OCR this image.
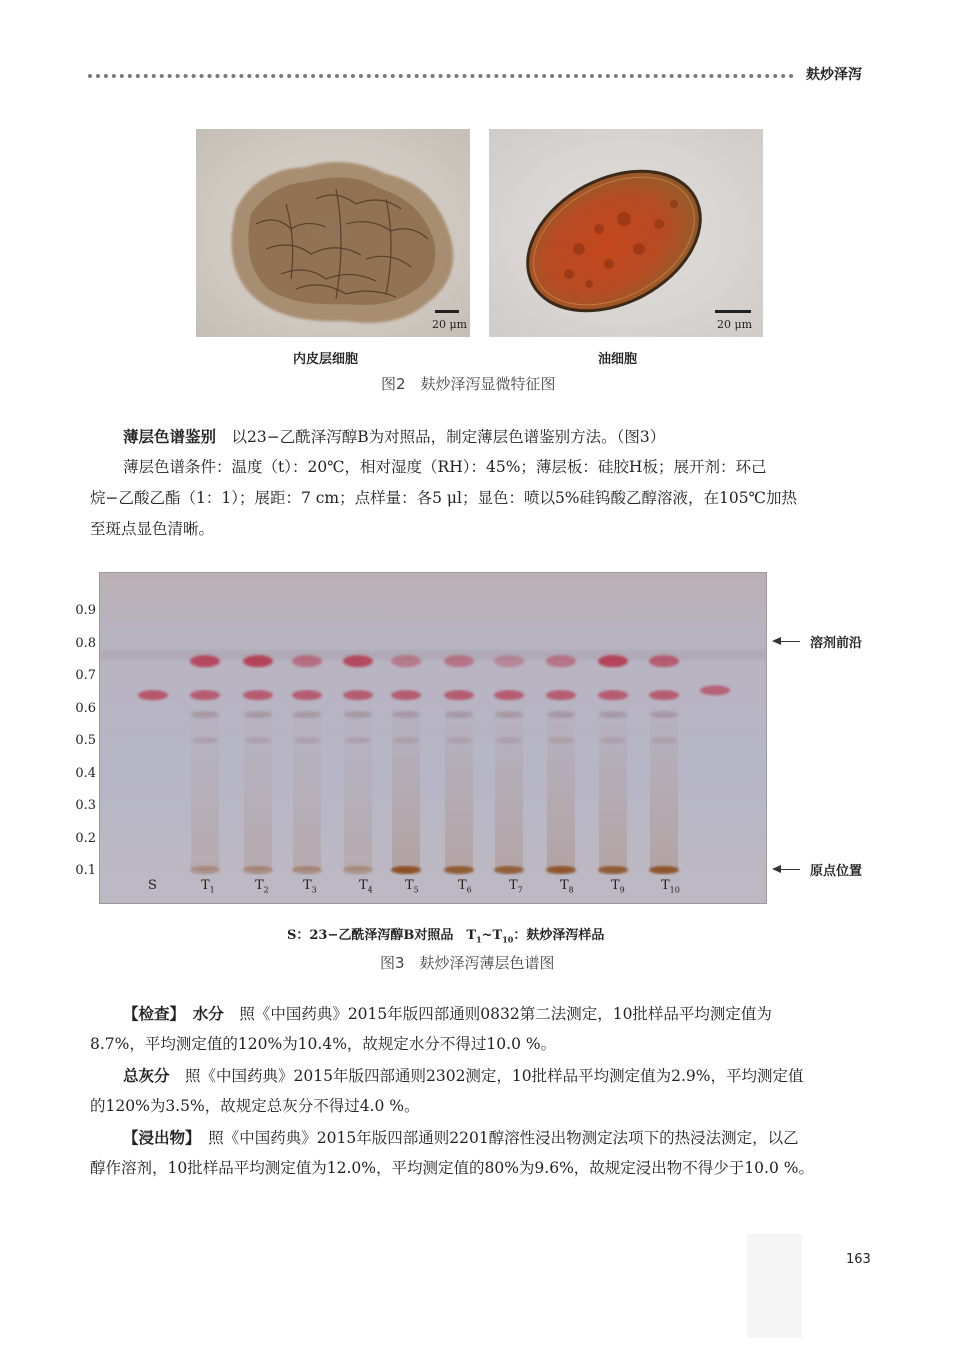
麸炒泽泻
20 μm	20 μm
内皮层细胞	油细胞
图2　麸炒泽泻显微特征图
薄层色谱鉴别　 以23−乙酰泽泻醇B为对照品，制定薄层色谱鉴别方法。（图3）
薄层色谱条件：温度（t）：20℃，相对湿度（RH）：45%；薄层板：硅胶H板；展开剂：环己
烷−乙酸乙酯（1：1）；展距：7 cm；点样量：各5 μl；显色：喷以5%硅钨酸乙醇溶液，在105℃加热
至斑点显色清晰。
0.9
0.8
0.7
0.6
0.5
0.4
0.3
0.2
0.1
S	$T_1$	$T_2$	$T_3$	$T_4$ $T_5$	$T_6$	$T_7$	$T_8$	$T_9$	$T_{10}$
溶剂前沿
原点位置
S：23−乙酰泽泻醇B对照品　 $T_1\sim T_{10}$：麸炒泽泻样品
图3　麸炒泽泻薄层色谱图
【检查】　 水分　 照《中国药典》2015年版四部通则0832第二法测定，10批样品平均测定值为
8.7%，平均测定值的120%为10.4%，故规定水分不得过10.0 %。
总灰分　 照《中国药典》2015年版四部通则2302测定，10批样品平均测定值为2.9%，平均测定值
的120%为3.5%，故规定总灰分不得过4.0 %。
【浸出物】　 照《中国药典》2015年版四部通则2201醇溶性浸出物测定法项下的热浸法测定，以乙
醇作溶剂，10批样品平均测定值为12.0%，平均测定值的80%为9.6%，故规定浸出物不得少于10.0 %。
163
